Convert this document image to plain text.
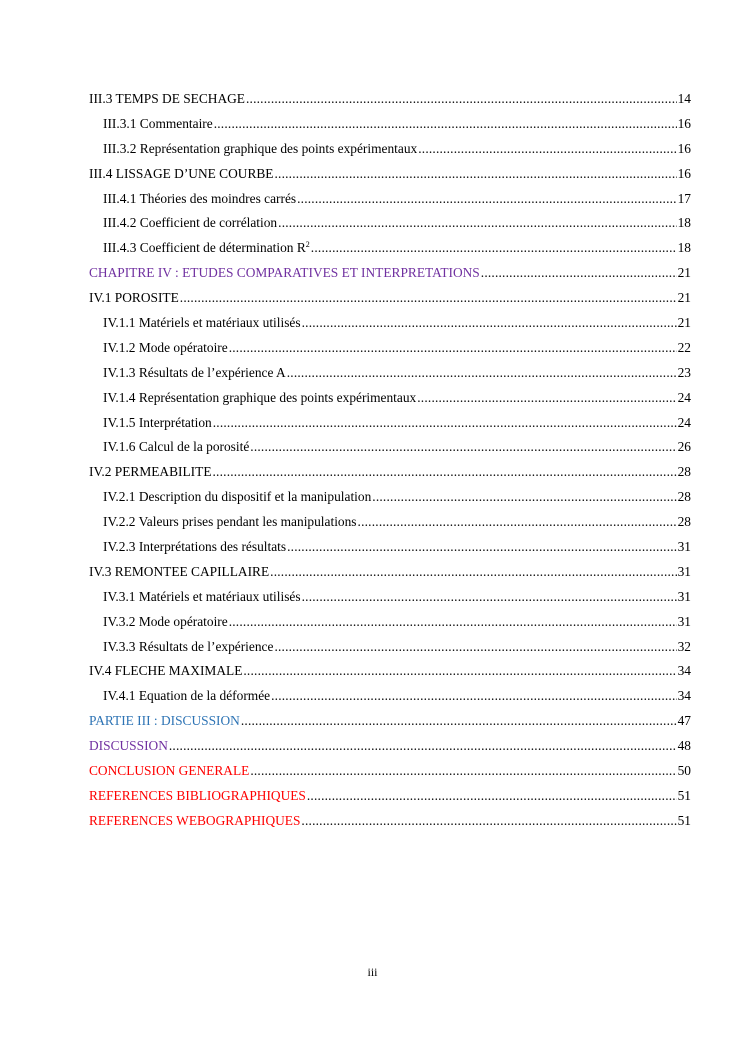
III.3 TEMPS DE SECHAGE .....	14
III.3.1 Commentaire .....	16
III.3.2 Représentation graphique des points expérimentaux .....	16
III.4 LISSAGE D’UNE COURBE .....	16
III.4.1 Théories des moindres carrés .....	17
III.4.2 Coefficient de corrélation .....	18
III.4.3 Coefficient de détermination $R^2$ .....	18
CHAPITRE IV : ETUDES COMPARATIVES ET INTERPRETATIONS .....	21
IV.1 POROSITE .....	21
IV.1.1 Matériels et matériaux utilisés .....	21
IV.1.2 Mode opératoire .....	22
IV.1.3 Résultats de l’expérience A .....	23
IV.1.4 Représentation graphique des points expérimentaux .....	24
IV.1.5 Interprétation .....	24
IV.1.6 Calcul de la porosité .....	26
IV.2 PERMEABILITE .....	28
IV.2.1 Description du dispositif et la manipulation .....	28
IV.2.2 Valeurs prises pendant les manipulations .....	28
IV.2.3 Interprétations des résultats .....	31
IV.3 REMONTEE CAPILLAIRE .....	31
IV.3.1 Matériels et matériaux utilisés .....	31
IV.3.2 Mode opératoire .....	31
IV.3.3 Résultats de l’expérience .....	32
IV.4 FLECHE MAXIMALE .....	34
IV.4.1 Equation de la déformée .....	34
PARTIE III : DISCUSSION .....	47
DISCUSSION .....	48
CONCLUSION GENERALE .....	50
REFERENCES BIBLIOGRAPHIQUES .....	51
REFERENCES WEBOGRAPHIQUES .....	51
iii
